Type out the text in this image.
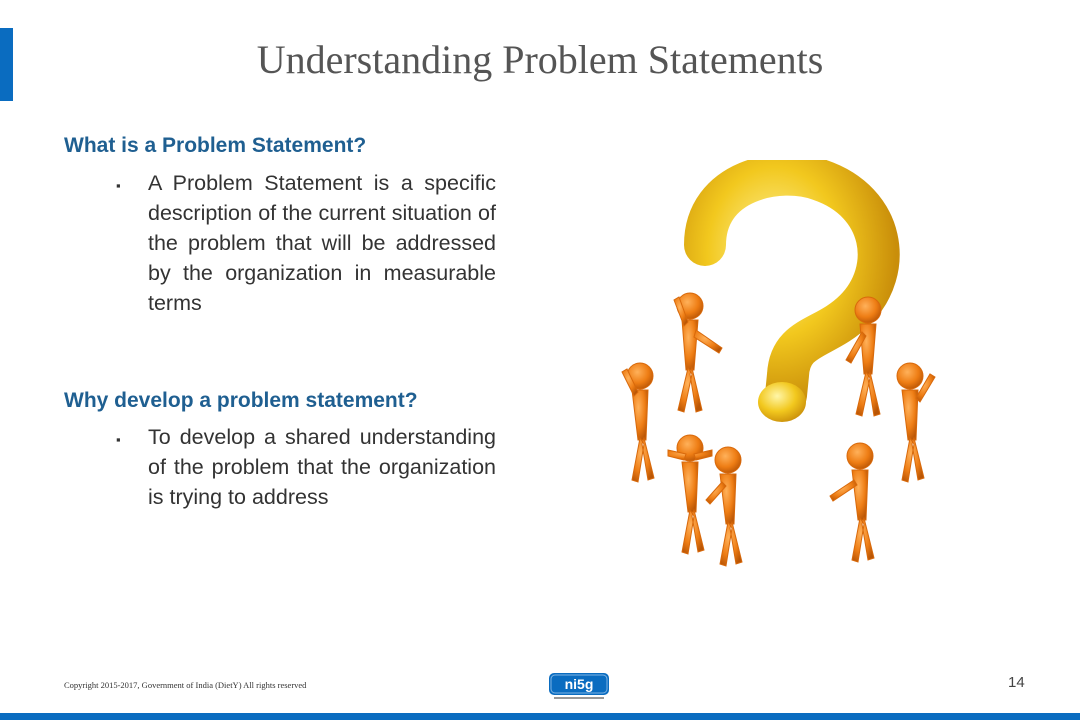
Understanding Problem Statements
What is a Problem Statement?
▪ A Problem Statement is a specific description of the current situation of the problem that will be addressed by the organization in measurable terms
Why develop a problem statement?
▪ To develop a shared understanding of the problem that the organization is trying to address
Copyright 2015-2017, Government of India (DietY) All rights reserved	ni5g	14
